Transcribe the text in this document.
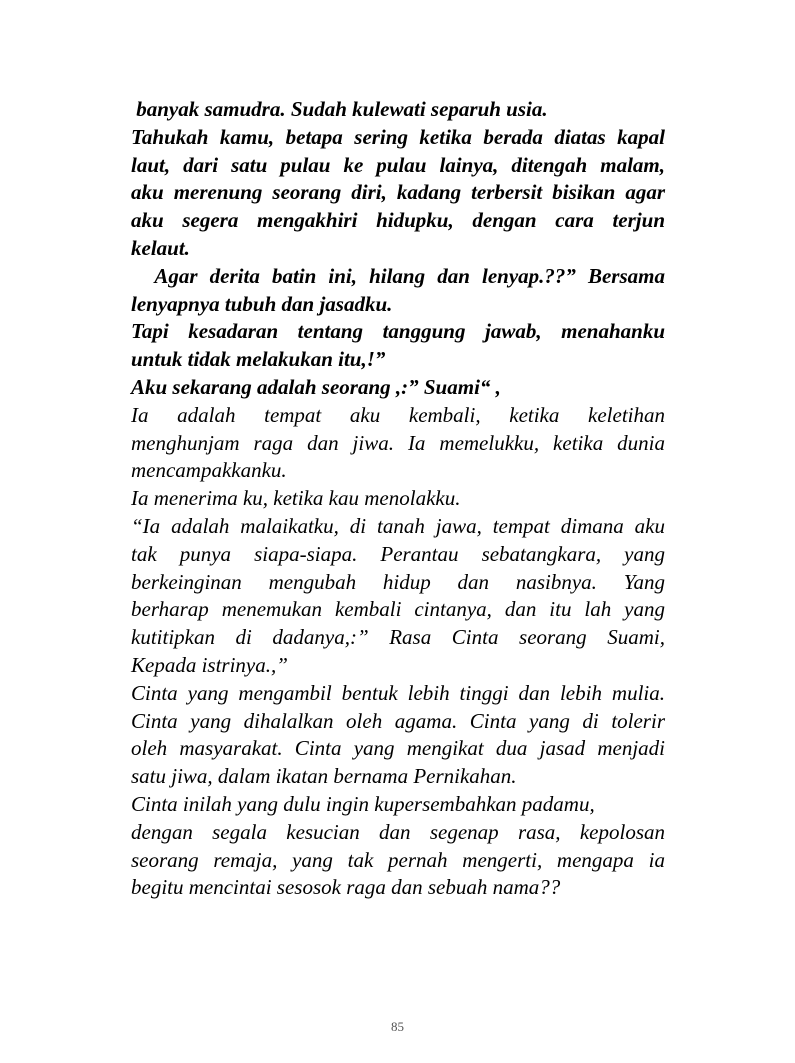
banyak samudra. Sudah kulewati separuh usia.
Tahukah kamu, betapa sering ketika berada diatas kapal
laut, dari satu pulau ke pulau lainya, ditengah malam,
aku merenung seorang diri, kadang terbersit bisikan agar
aku segera mengakhiri hidupku, dengan cara terjun
kelaut.
Agar derita batin ini, hilang dan lenyap.??” Bersama
lenyapnya tubuh dan jasadku.
Tapi kesadaran tentang tanggung jawab, menahanku
untuk tidak melakukan itu,!”
Aku sekarang adalah seorang ,:” Suami“ ,
Ia adalah tempat aku kembali, ketika keletihan
menghunjam raga dan jiwa. Ia memelukku, ketika dunia
mencampakkanku.
Ia menerima ku, ketika kau menolakku.
“Ia adalah malaikatku, di tanah jawa, tempat dimana aku
tak punya siapa-siapa. Perantau sebatangkara, yang
berkeinginan mengubah hidup dan nasibnya. Yang
berharap menemukan kembali cintanya, dan itu lah yang
kutitipkan di dadanya,:” Rasa Cinta seorang Suami,
Kepada istrinya.,”
Cinta yang mengambil bentuk lebih tinggi dan lebih mulia.
Cinta yang dihalalkan oleh agama. Cinta yang di tolerir
oleh masyarakat. Cinta yang mengikat dua jasad menjadi
satu jiwa, dalam ikatan bernama Pernikahan.
Cinta inilah yang dulu ingin kupersembahkan padamu,
dengan segala kesucian dan segenap rasa, kepolosan
seorang remaja, yang tak pernah mengerti, mengapa ia
begitu mencintai sesosok raga dan sebuah nama??
85
